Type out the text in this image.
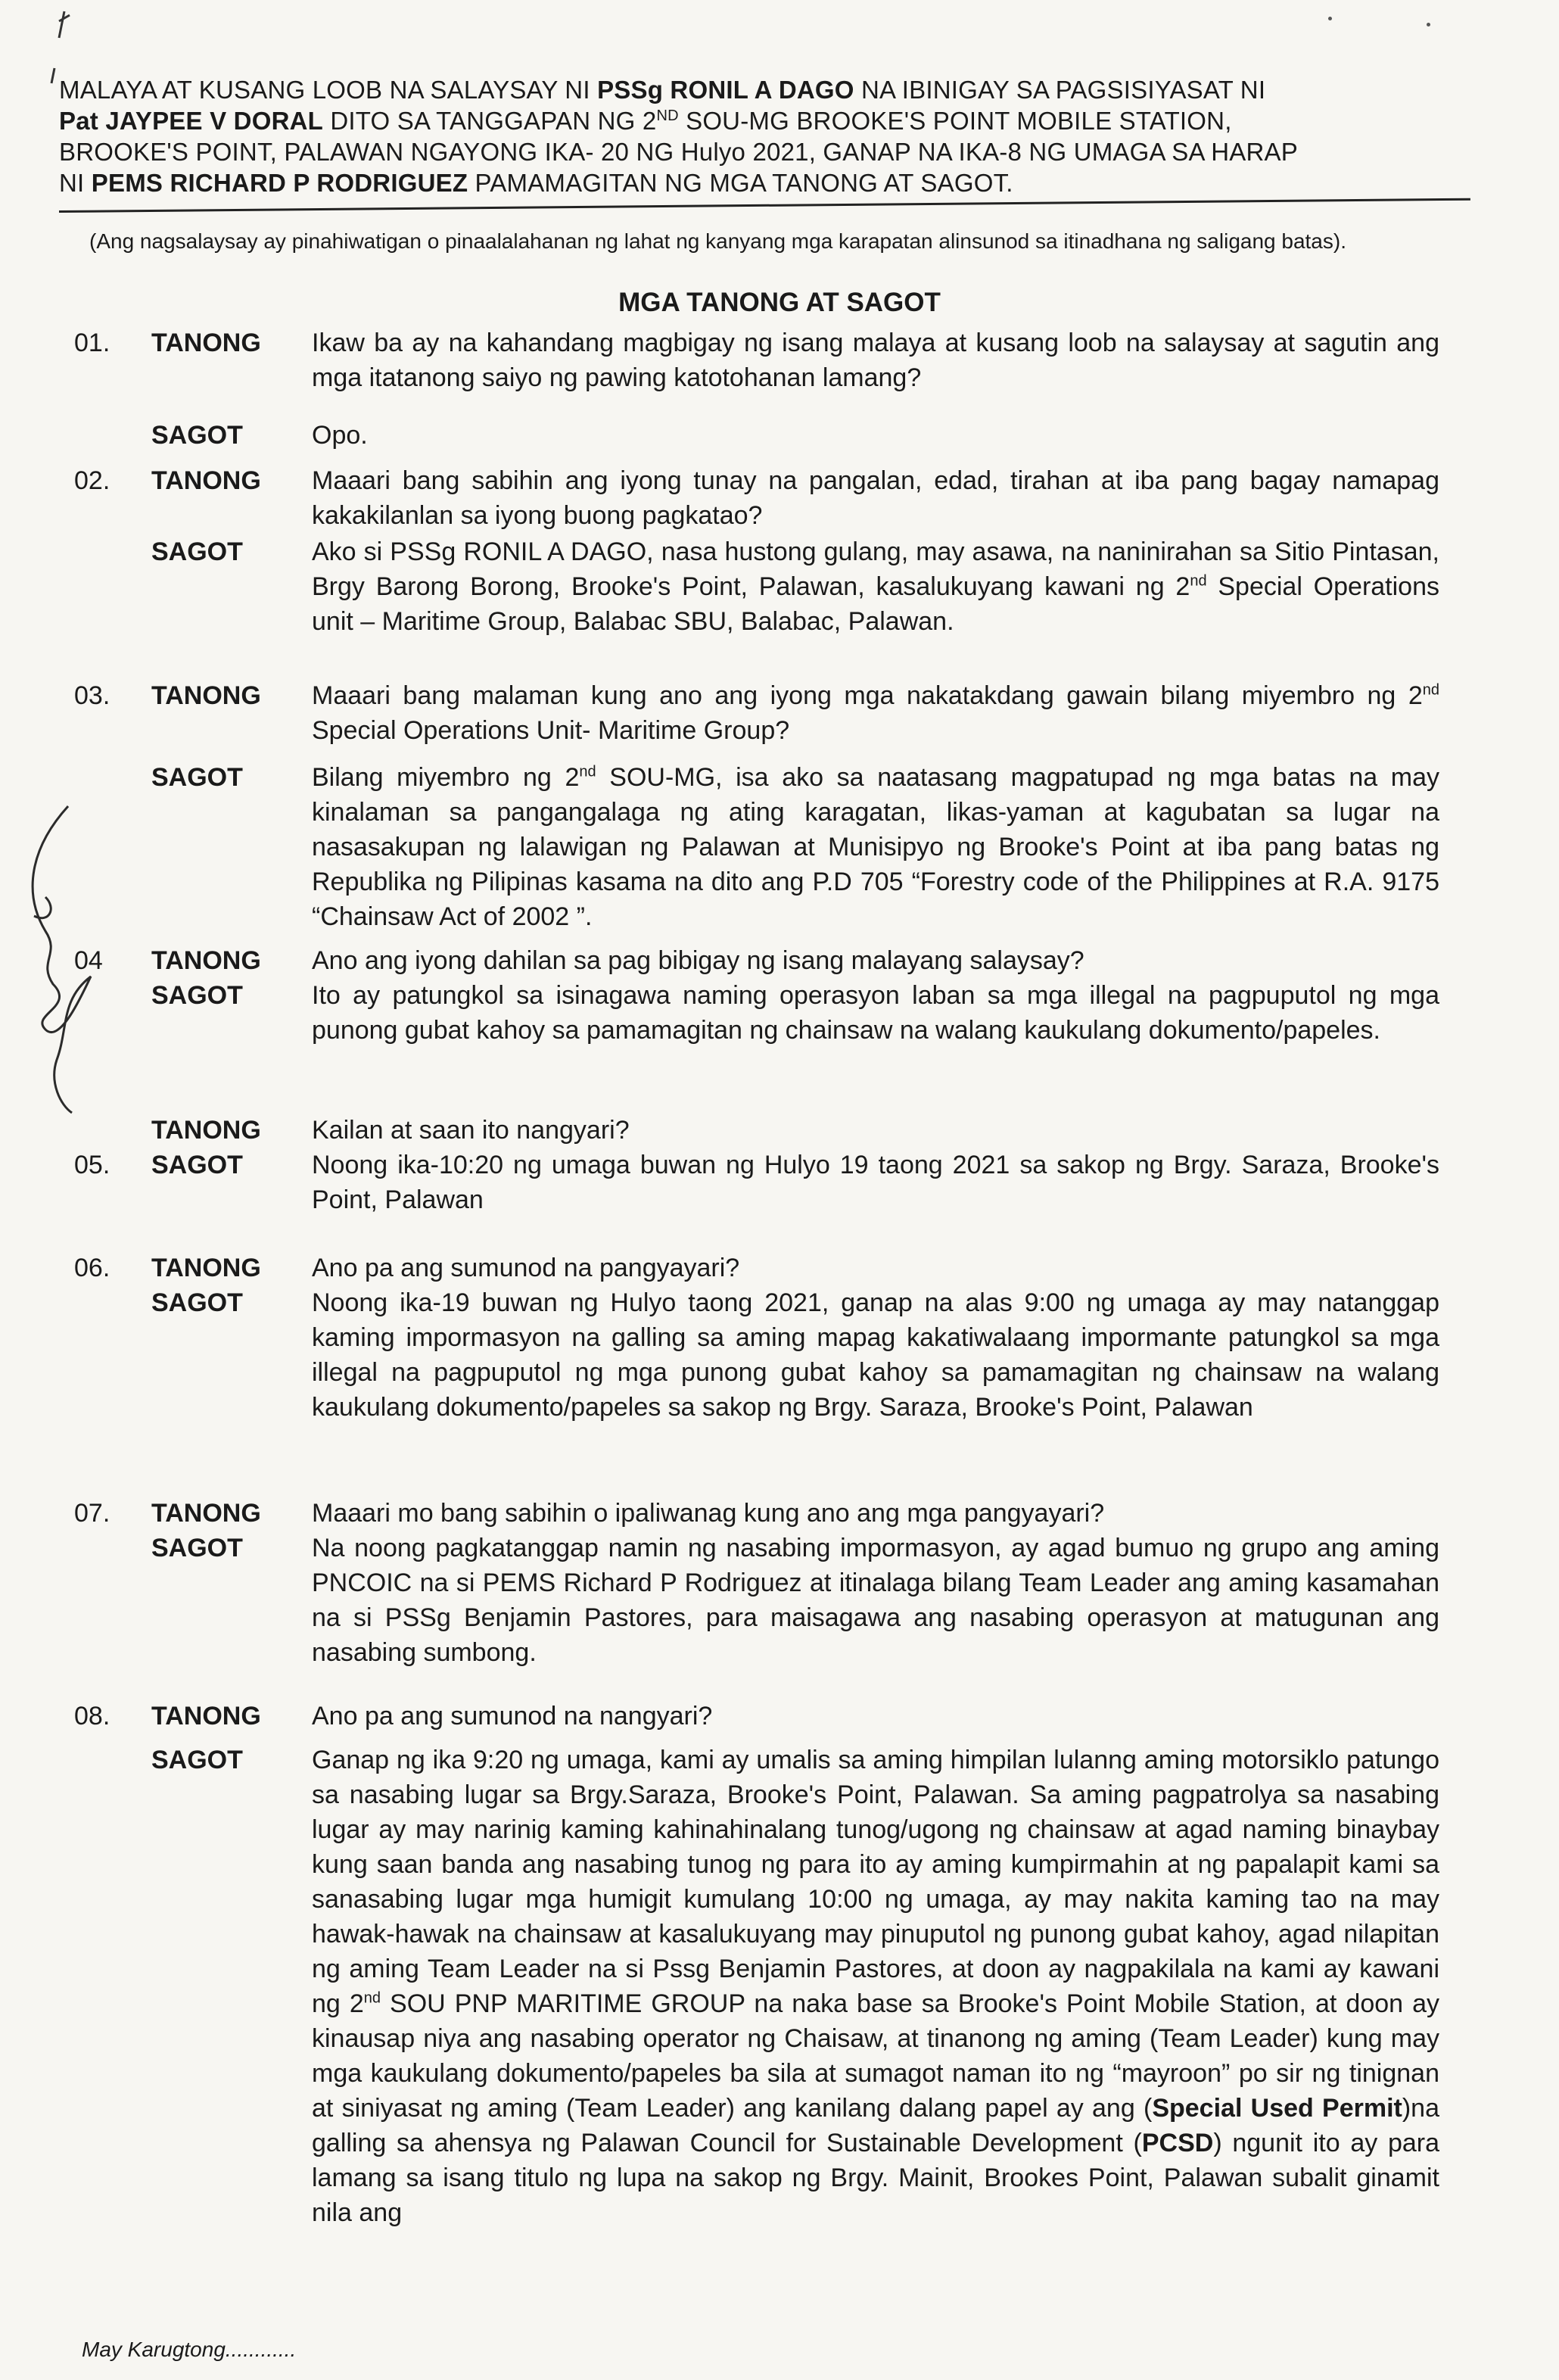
MALAYA AT KUSANG LOOB NA SALAYSAY NI PSSg RONIL A DAGO NA IBINIGAY SA PAGSISIYASAT NI
Pat JAYPEE V DORAL DITO SA TANGGAPAN NG 2ND SOU-MG BROOKE'S POINT MOBILE STATION,
BROOKE'S POINT, PALAWAN NGAYONG IKA- 20 NG Hulyo 2021, GANAP NA IKA-8 NG UMAGA SA HARAP
NI PEMS RICHARD P RODRIGUEZ PAMAMAGITAN NG MGA TANONG AT SAGOT.
(Ang nagsalaysay ay pinahiwatigan o pinaalalahanan ng lahat ng kanyang mga karapatan alinsunod sa itinadhana ng saligang batas).
MGA TANONG AT SAGOT
01.	TANONG	Ikaw ba ay na kahandang magbigay ng isang malaya at kusang loob na salaysay at sagutin ang mga itatanong saiyo ng pawing katotohanan lamang?
SAGOT	Opo.
02.	TANONG	Maaari bang sabihin ang iyong tunay na pangalan, edad, tirahan at iba pang bagay namapag kakakilanlan sa iyong buong pagkatao?
SAGOT	Ako si PSSg RONIL A DAGO, nasa hustong gulang, may asawa, na naninirahan sa Sitio Pintasan, Brgy Barong Borong, Brooke's Point, Palawan, kasalukuyang kawani ng 2nd Special Operations unit – Maritime Group, Balabac SBU, Balabac, Palawan.
03.	TANONG	Maaari bang malaman kung ano ang iyong mga nakatakdang gawain bilang miyembro ng 2nd Special Operations Unit- Maritime Group?
SAGOT	Bilang miyembro ng 2nd SOU-MG, isa ako sa naatasang magpatupad ng mga batas na may kinalaman sa pangangalaga ng ating karagatan, likas-yaman at kagubatan sa lugar na nasasakupan ng lalawigan ng Palawan at Munisipyo ng Brooke's Point at iba pang batas ng Republika ng Pilipinas kasama na dito ang P.D 705 “Forestry code of the Philippines at R.A. 9175 “Chainsaw Act of 2002 ”.
04	TANONG	Ano ang iyong dahilan sa pag bibigay ng isang malayang salaysay?
SAGOT	Ito ay patungkol sa isinagawa naming operasyon laban sa mga illegal na pagpuputol ng mga punong gubat kahoy sa pamamagitan ng chainsaw na walang kaukulang dokumento/papeles.
TANONG	Kailan at saan ito nangyari?
05.	SAGOT	Noong ika-10:20 ng umaga buwan ng Hulyo 19 taong 2021 sa sakop ng Brgy. Saraza, Brooke's Point, Palawan
06.	TANONG	Ano pa ang sumunod na pangyayari?
SAGOT	Noong ika-19 buwan ng Hulyo taong 2021, ganap na alas 9:00 ng umaga ay may natanggap kaming impormasyon na galling sa aming mapag kakatiwalaang impormante patungkol sa mga illegal na pagpuputol ng mga punong gubat kahoy sa pamamagitan ng chainsaw na walang kaukulang dokumento/papeles sa sakop ng Brgy. Saraza, Brooke's Point, Palawan
07.	TANONG	Maaari mo bang sabihin o ipaliwanag kung ano ang mga pangyayari?
SAGOT	Na noong pagkatanggap namin ng nasabing impormasyon, ay agad bumuo ng grupo ang aming PNCOIC na si PEMS Richard P Rodriguez at itinalaga bilang Team Leader ang aming kasamahan na si PSSg Benjamin Pastores, para maisagawa ang nasabing operasyon at matugunan ang nasabing sumbong.
08.	TANONG	Ano pa ang sumunod na nangyari?
SAGOT	Ganap ng ika 9:20 ng umaga, kami ay umalis sa aming himpilan lulanng aming motorsiklo patungo sa nasabing lugar sa Brgy.Saraza, Brooke's Point, Palawan. Sa aming pagpatrolya sa nasabing lugar ay may narinig kaming kahinahinalang tunog/ugong ng chainsaw at agad naming binaybay kung saan banda ang nasabing tunog ng para ito ay aming kumpirmahin at ng papalapit kami sa sanasabing lugar mga humigit kumulang 10:00 ng umaga, ay may nakita kaming tao na may hawak-hawak na chainsaw at kasalukuyang may pinuputol ng punong gubat kahoy, agad nilapitan ng aming Team Leader na si Pssg Benjamin Pastores, at doon ay nagpakilala na kami ay kawani ng 2nd SOU PNP MARITIME GROUP na naka base sa Brooke's Point Mobile Station, at doon ay kinausap niya ang nasabing operator ng Chaisaw, at tinanong ng aming (Team Leader) kung may mga kaukulang dokumento/papeles ba sila at sumagot naman ito ng “mayroon” po sir ng tinignan at siniyasat ng aming (Team Leader) ang kanilang dalang papel ay ang (Special Used Permit)na galling sa ahensya ng Palawan Council for Sustainable Development (PCSD) ngunit ito ay para lamang sa isang titulo ng lupa na sakop ng Brgy. Mainit, Brookes Point, Palawan subalit ginamit nila ang
May Karugtong............
